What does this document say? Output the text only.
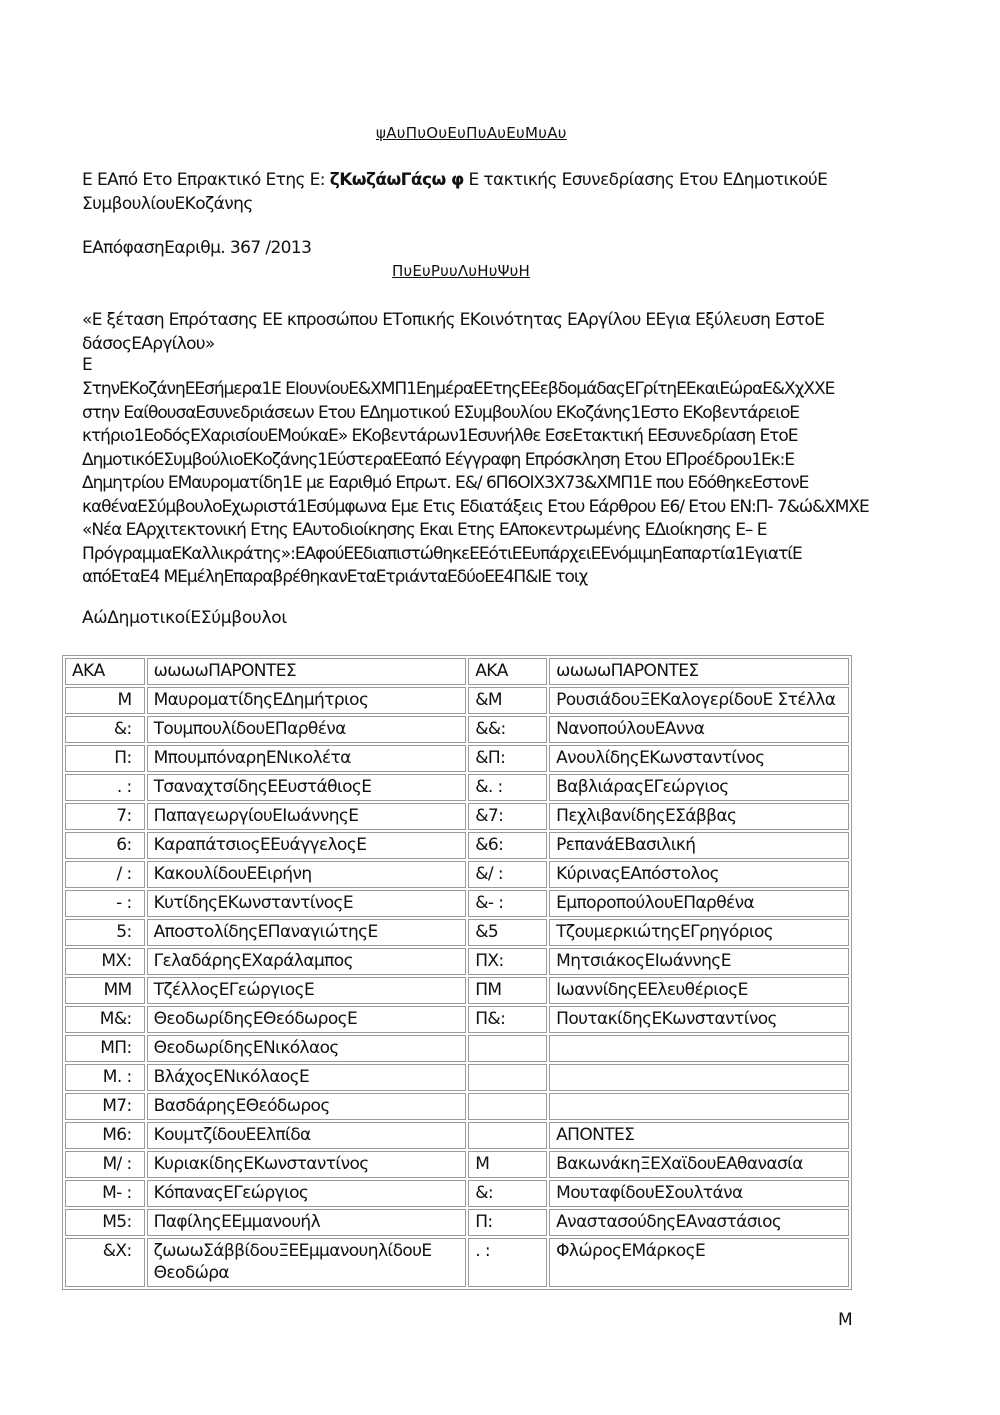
ψΑυΠυΟυΕυΠυΑυΕυΜυΑυ
Ε ΕΑπό Ετο Επρακτικό Ετης Ε: ζΚωζάωΓάςω φ Ε τακτικής Εσυνεδρίασης Ετου ΕΔημοτικούΕ
ΣυμβουλίουΕΚοζάνης
ΕΑπόφασηΕαριθμ. 367 /2013
ΠυΕυΡυυΛυΗυΨυΗ
«Ε ξέταση Επρότασης ΕΕ κπροσώπου ΕΤοπικής ΕΚοινότητας ΕΑργίλου ΕΕγια Εξύλευση ΕστοΕ
δάσοςΕΑργίλου»
Ε
ΣτηνΕΚοζάνηΕΕσήμερα1Ε ΕΙουνίουΕ&ΧΜΠ1ΕημέραΕΕτηςΕΕεβδομάδαςΕΓρίτηΕΕκαιΕώραΕ&ΧχΧΧΕ
στην ΕαίθουσαΕσυνεδριάσεων Ετου ΕΔημοτικού ΕΣυμβουλίου ΕΚοζάνης1Εστο ΕΚοβεντάρειοΕ
κτήριο1ΕοδόςΕΧαρισίουΕΜούκαΕ» ΕΚοβεντάρων1Εσυνήλθε ΕσεΕτακτική ΕΕσυνεδρίαση ΕτοΕ
ΔημοτικόΕΣυμβούλιοΕΚοζάνης1ΕύστεραΕΕαπό Εέγγραφη Επρόσκληση Ετου ΕΠροέδρου1Εκ:Ε
Δημητρίου ΕΜαυροματίδη1Ε με Εαριθμό Επρωτ. Ε&/ 6Π6ΟΙΧ3Χ73&ΧΜΠ1Ε που ΕδόθηκεΕστονΕ
καθέναΕΣύμβουλοΕχωριστά1Εσύμφωνα Εμε Ετις Εδιατάξεις Ετου Εάρθρου Ε6/ Ετου ΕΝ:Π- 7&ώ&ΧΜΧΕ
«Νέα ΕΑρχιτεκτονική Ετης ΕΑυτοδιοίκησης Εκαι Ετης ΕΑποκεντρωμένης ΕΔιοίκησης Ε– Ε
ΠρόγραμμαΕΚαλλικράτης»:ΕΑφούΕΕδιαπιστώθηκεΕΕότιΕΕυπάρχειΕΕνόμιμηΕαπαρτία1ΕγιατίΕ
απόΕταΕ4 ΜΕμέληΕπαραβρέθηκανΕταΕτριάνταΕδύοΕΕ4Π&ΙΕ τοιχ
ΑώΔημοτικοίΕΣύμβουλοι
ΑΚΑ	ωωωωΠΑΡΟΝΤΕΣ	ΑΚΑ	ωωωωΠΑΡΟΝΤΕΣ
Μ	ΜαυροματίδηςΕΔημήτριος	&Μ	ΡουσιάδουΞΕΚαλογερίδουΕ Στέλλα
&:	ΤουμπουλίδουΕΠαρθένα	&&:	ΝανοπούλουΕΑννα
Π:	ΜπουμπόναρηΕΝικολέτα	&Π:	ΑνουλίδηςΕΚωνσταντίνος
. :	ΤσαναχτσίδηςΕΕυστάθιοςΕ	&. :	ΒαβλιάραςΕΓεώργιος
7:	ΠαπαγεωργίουΕΙωάννηςΕ	&7:	ΠεχλιβανίδηςΕΣάββας
6:	ΚαραπάτσιοςΕΕυάγγελοςΕ	&6:	ΡεπανάΕΒασιλική
/ :	ΚακουλίδουΕΕιρήνη	&/ :	ΚύριναςΕΑπόστολος
- :	ΚυτίδηςΕΚωνσταντίνοςΕ	&- :	ΕμποροπούλουΕΠαρθένα
5:	ΑποστολίδηςΕΠαναγιώτηςΕ	&5	ΤζουμερκιώτηςΕΓρηγόριος
ΜΧ:	ΓελαδάρηςΕΧαράλαμπος	ΠΧ:	ΜητσιάκοςΕΙωάννηςΕ
ΜΜ	ΤζέλλοςΕΓεώργιοςΕ	ΠΜ	ΙωαννίδηςΕΕλευθέριοςΕ
Μ&:	ΘεοδωρίδηςΕΘεόδωροςΕ	Π&:	ΠουτακίδηςΕΚωνσταντίνος
ΜΠ:	ΘεοδωρίδηςΕΝικόλαος		
Μ. :	ΒλάχοςΕΝικόλαοςΕ		
Μ7:	ΒασδάρηςΕΘεόδωρος		
Μ6:	ΚουμτζίδουΕΕλπίδα		ΑΠΟΝΤΕΣ
Μ/ :	ΚυριακίδηςΕΚωνσταντίνος	Μ	ΒακωνάκηΞΕΧαϊδουΕΑθανασία
Μ- :	ΚόπαναςΕΓεώργιος	&:	ΜουταφίδουΕΣουλτάνα
Μ5:	ΠαφίληςΕΕμμανουήλ	Π:	ΑναστασούδηςΕΑναστάσιος
&Χ:	ζωωωΣάββίδουΞΕΕμμανουηλίδουΕ Θεοδώρα	. :	ΦλώροςΕΜάρκοςΕ
Μ
